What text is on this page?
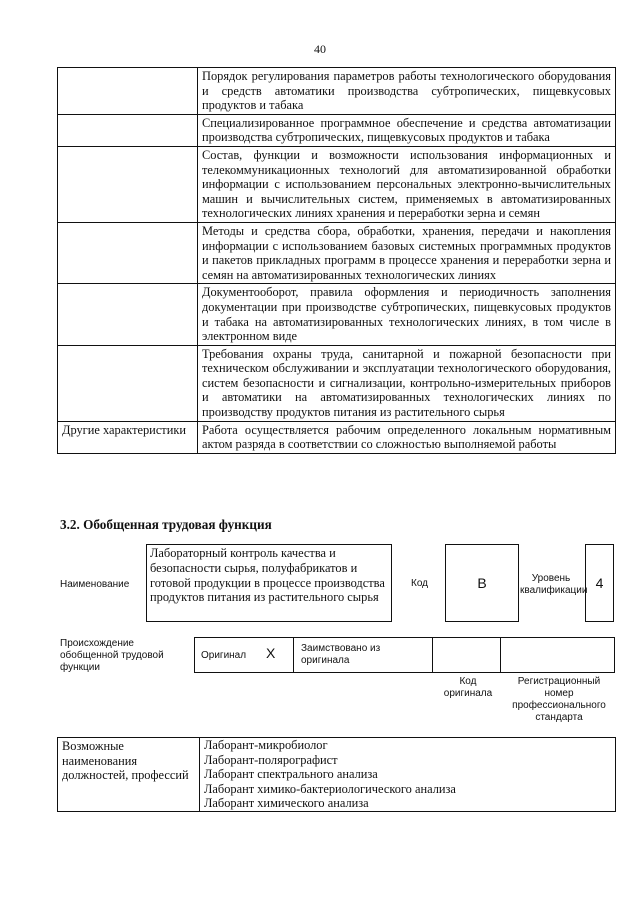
40
	Порядок регулирования параметров работы технологического оборудования и средств автоматики производства субтропических, пищевкусовых продуктов и табака
	Специализированное программное обеспечение и средства автоматизации производства субтропических, пищевкусовых продуктов и табака
	Состав, функции и возможности использования информационных и телекоммуникационных технологий для автоматизированной обработки информации с использованием персональных электронно-вычислительных машин и вычислительных систем, применяемых в автоматизированных технологических линиях хранения и переработки зерна и семян
	Методы и средства сбора, обработки, хранения, передачи и накопления информации с использованием базовых системных программных продуктов и пакетов прикладных программ в процессе хранения и переработки зерна и семян на автоматизированных технологических линиях
	Документооборот, правила оформления и периодичность заполнения документации при производстве субтропических, пищевкусовых продуктов и табака на автоматизированных технологических линиях, в том числе в электронном виде
	Требования охраны труда, санитарной и пожарной безопасности при техническом обслуживании и эксплуатации технологического оборудования, систем безопасности и сигнализации, контрольно-измерительных приборов и автоматики на автоматизированных технологических линиях по производству продуктов питания из растительного сырья
Другие характеристики	Работа осуществляется рабочим определенного локальным нормативным актом разряда в соответствии со сложностью выполняемой работы
3.2. Обобщенная трудовая функция
Наименование
Лабораторный контроль качества и безопасности сырья, полуфабрикатов и готовой продукции в процессе производства продуктов питания из растительного сырья
Код	В	Уровень квалификации 4
Происхождение обобщенной трудовой функции
Оригинал X	Заимствовано из оригинала
Код оригинала
Регистрационный номер профессионального стандарта
Возможные наименования должностей, профессий	Лаборант-микробиолог
Лаборант-полярографист
Лаборант спектрального анализа
Лаборант химико-бактериологического анализа
Лаборант химического анализа
